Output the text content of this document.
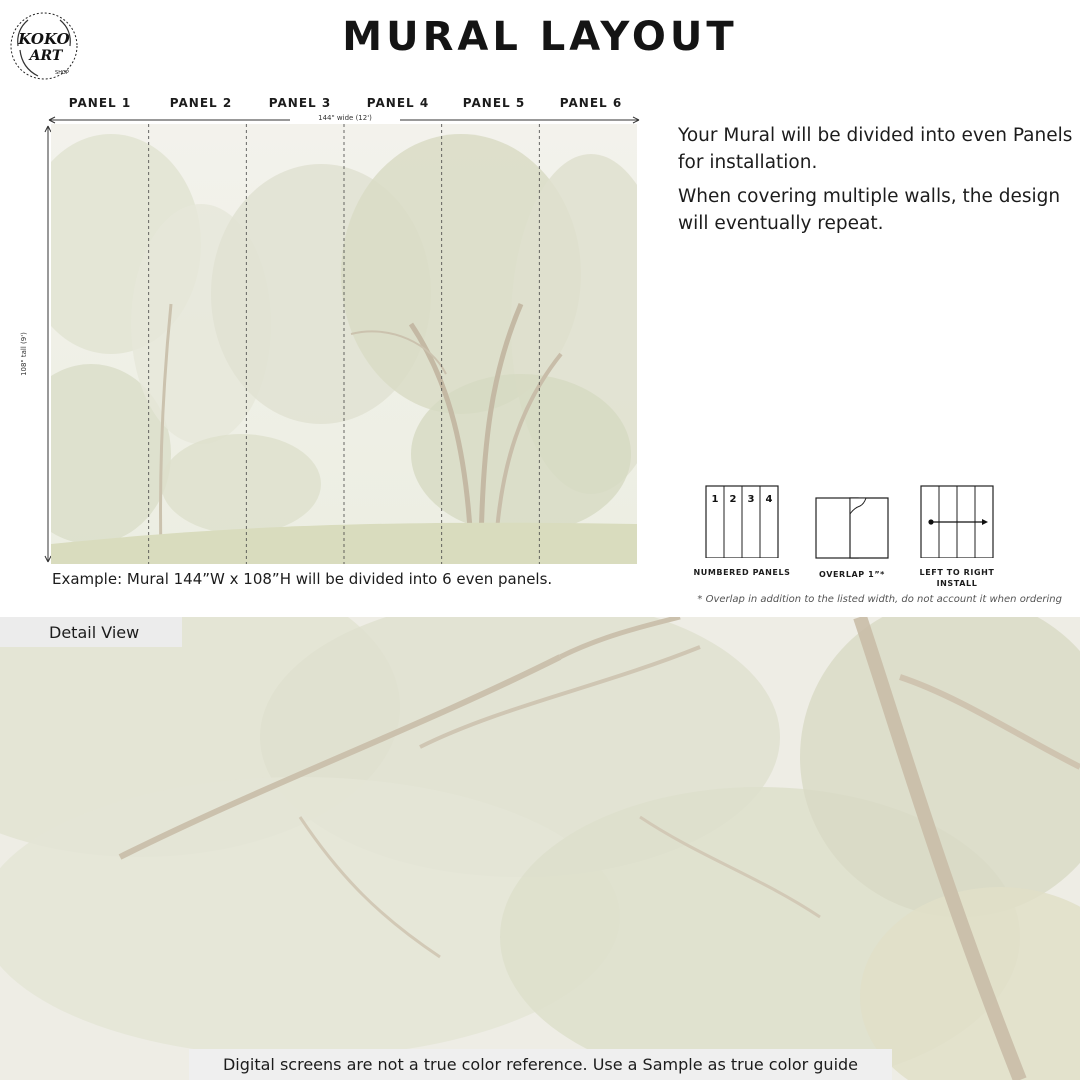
KOKO
ART
SHOP
MURAL LAYOUT
PANEL 1	PANEL 2	PANEL 3	PANEL 4	PANEL 5	PANEL 6
144" wide (12')
108" tall (9')
Example: Mural 144”W x 108”H will be divided into 6 even panels.

Your Mural will be divided into even Panels for installation.

When covering multiple walls, the design will eventually repeat.

1 2 3 4
NUMBERED PANELS	OVERLAP 1”*	LEFT TO RIGHT
INSTALL
* Overlap in addition to the listed width, do not account it when ordering
Detail View
Digital screens are not a true color reference. Use a Sample as true color guide
